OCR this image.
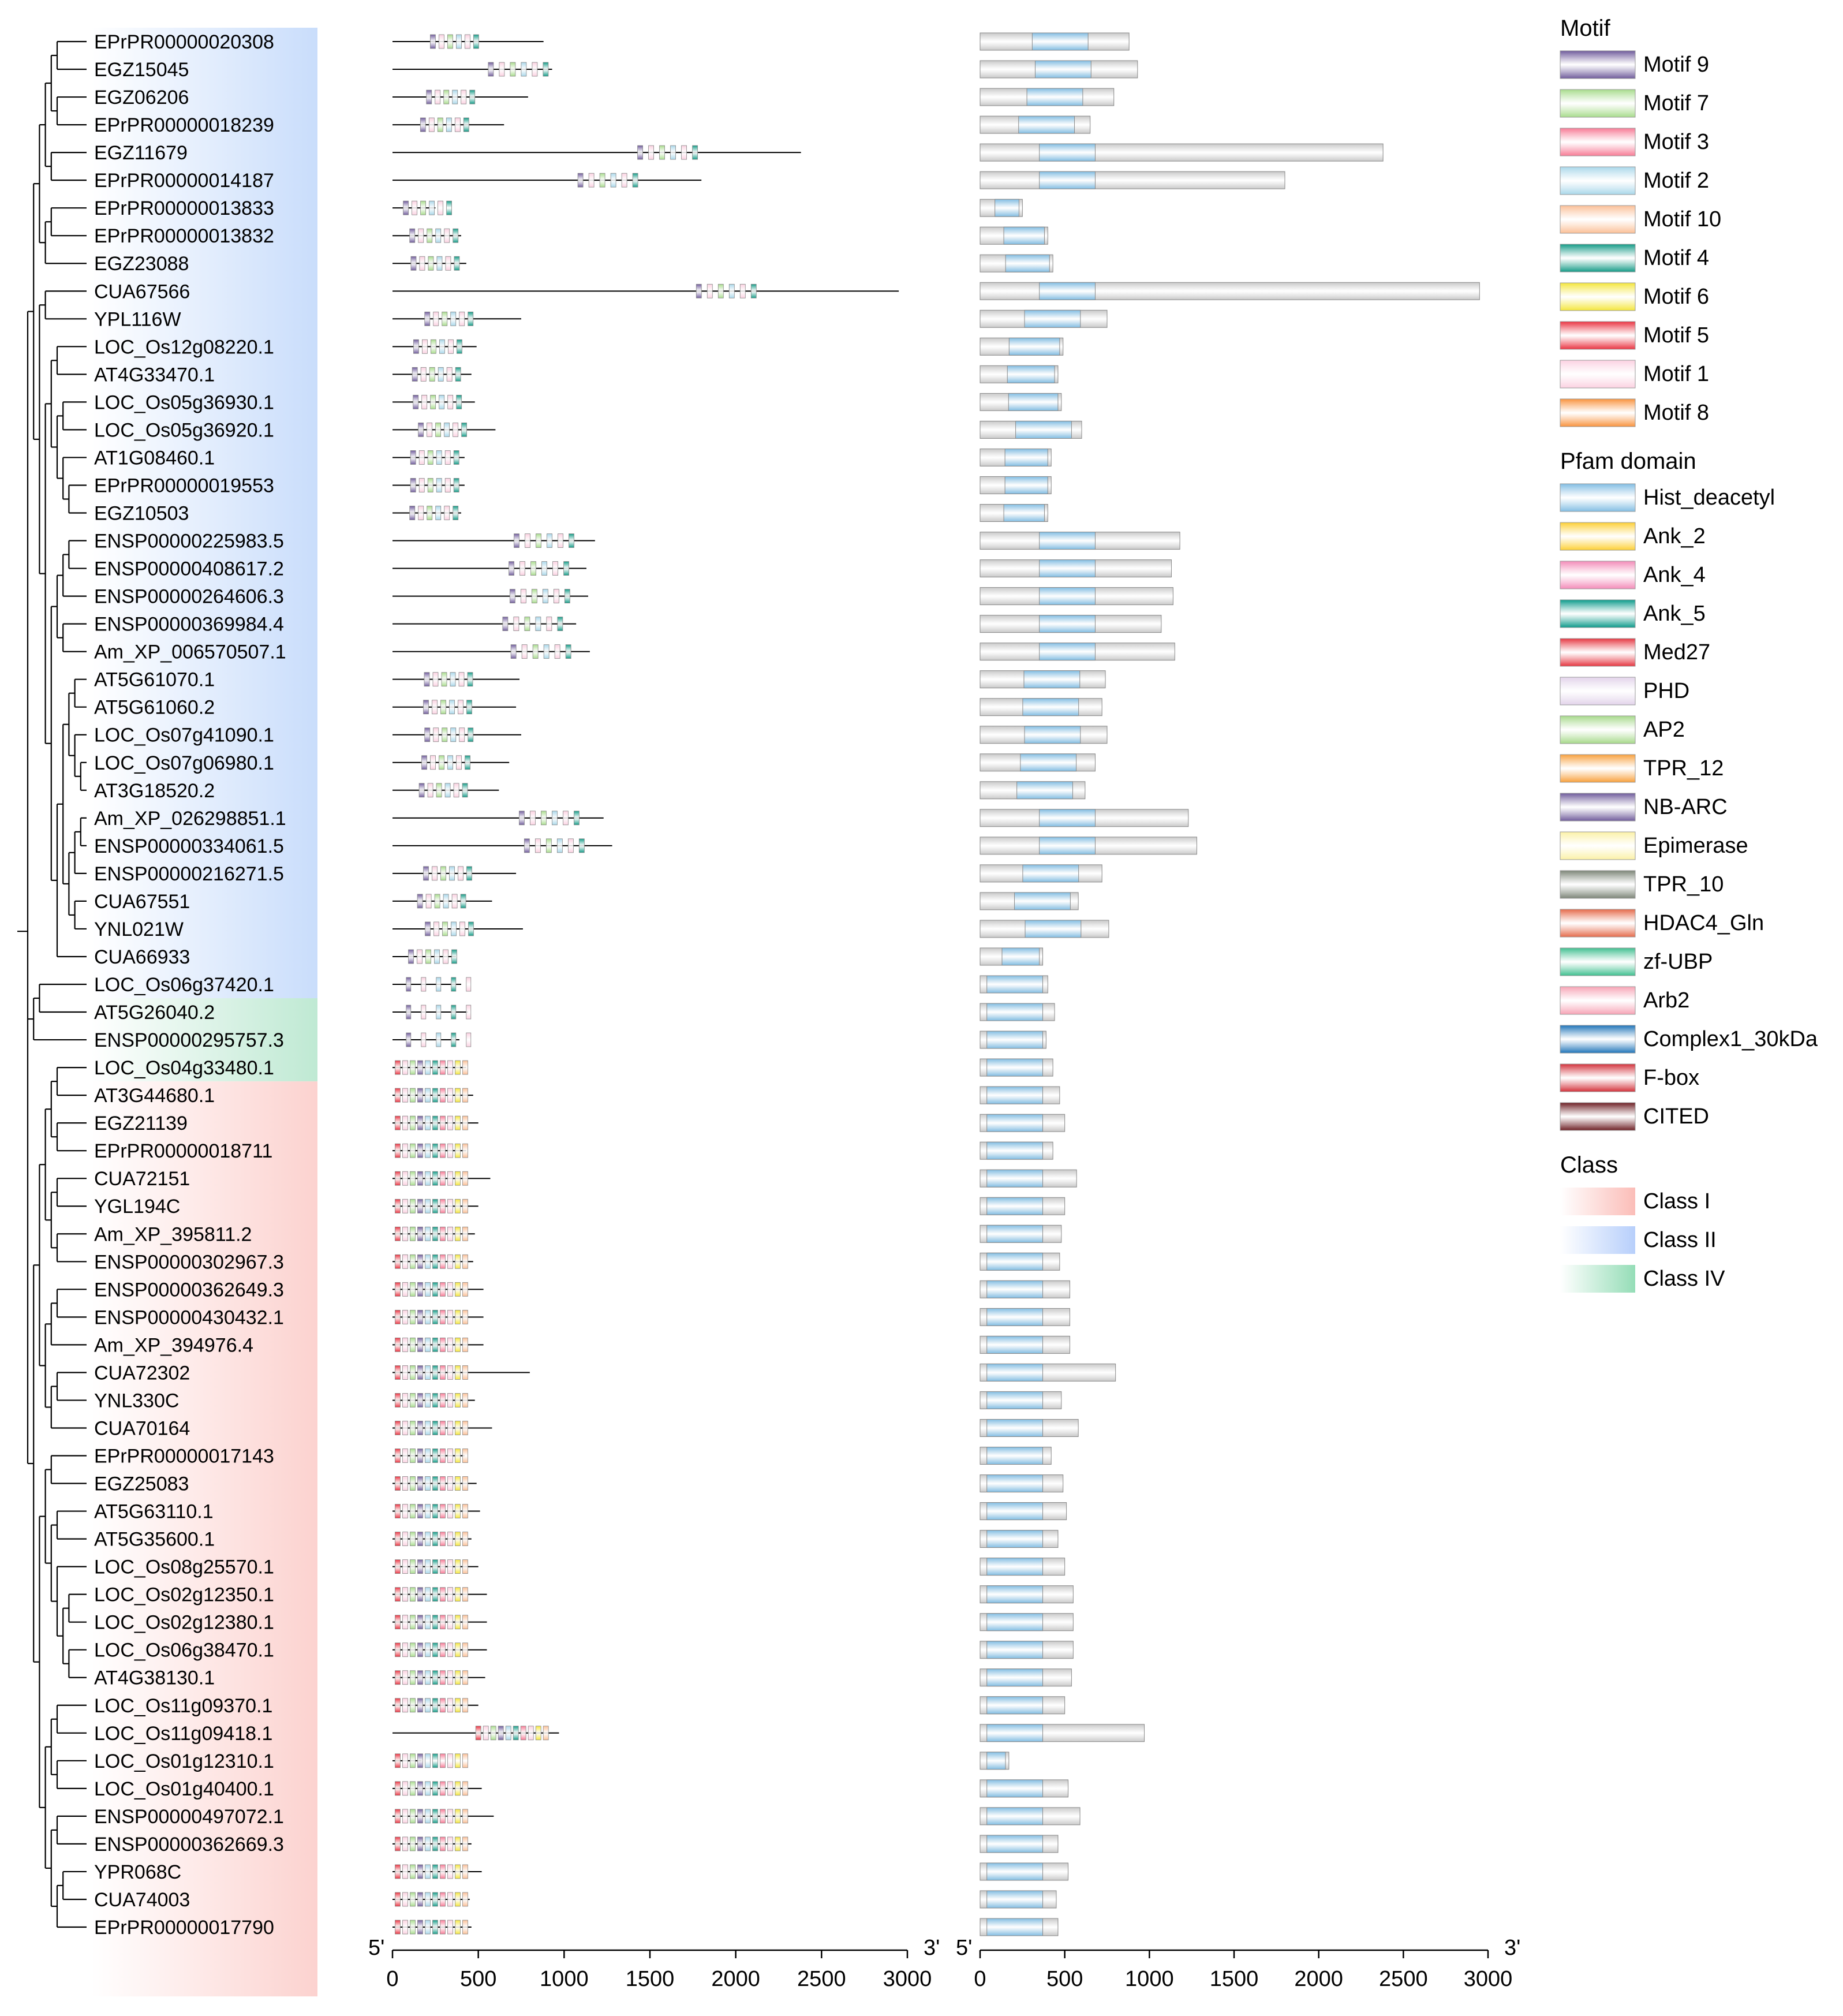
EPrPR00000020308
EGZ15045
EGZ06206
EPrPR00000018239
EGZ11679
EPrPR00000014187
EPrPR00000013833
EPrPR00000013832
EGZ23088
CUA67566
YPL116W
LOC_Os12g08220.1
AT4G33470.1
LOC_Os05g36930.1
LOC_Os05g36920.1
AT1G08460.1
EPrPR00000019553
EGZ10503
ENSP00000225983.5
ENSP00000408617.2
ENSP00000264606.3
ENSP00000369984.4
Am_XP_006570507.1
AT5G61070.1
AT5G61060.2
LOC_Os07g41090.1
LOC_Os07g06980.1
AT3G18520.2
Am_XP_026298851.1
ENSP00000334061.5
ENSP00000216271.5
CUA67551
YNL021W
CUA66933
LOC_Os06g37420.1
AT5G26040.2
ENSP00000295757.3
LOC_Os04g33480.1
AT3G44680.1
EGZ21139
EPrPR00000018711
CUA72151
YGL194C
Am_XP_395811.2
ENSP00000302967.3
ENSP00000362649.3
ENSP00000430432.1
Am_XP_394976.4
CUA72302
YNL330C
CUA70164
EPrPR00000017143
EGZ25083
AT5G63110.1
AT5G35600.1
LOC_Os08g25570.1
LOC_Os02g12350.1
LOC_Os02g12380.1
LOC_Os06g38470.1
AT4G38130.1
LOC_Os11g09370.1
LOC_Os11g09418.1
LOC_Os01g12310.1
LOC_Os01g40400.1
ENSP00000497072.1
ENSP00000362669.3
YPR068C
CUA74003
EPrPR00000017790
0	500 1000 1500 2000 2500 3000 0	500 1000 1500 2000 2500 3000
5'	3' 5'	3'
Motif
Motif 9
Motif 7
Motif 3
Motif 2
Motif 10
Motif 4
Motif 6
Motif 5
Motif 1
Motif 8
Pfam domain
Hist_deacetyl
Ank_2
Ank_4
Ank_5
Med27
PHD
AP2
TPR_12
NB-ARC
Epimerase
TPR_10
HDAC4_Gln
zf-UBP
Arb2
Complex1_30kDa
F-box
CITED
Class
Class I
Class II
Class IV
